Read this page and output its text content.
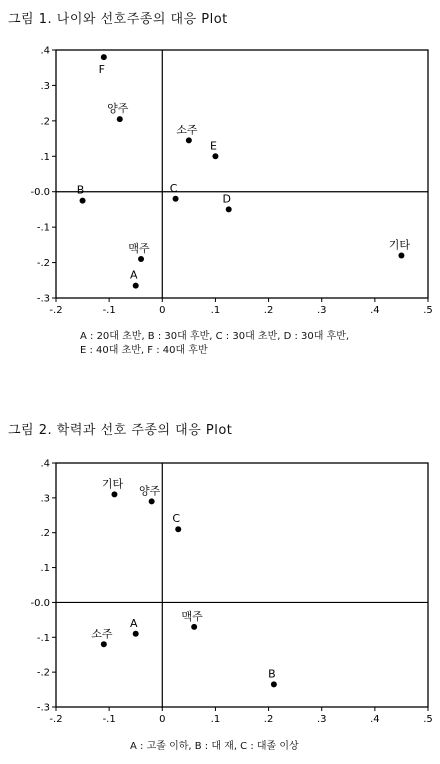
그림 1. 나이와 선호주종의 대응 Plot
.4
.3
.2
.1
-0.0
-.1
-.2
-.3
-.2	-.1	0	.1	.2	.3	.4	.5
F
양주
소주
E
B	C
D
맥주
A
기타
A : 20대 초반, B : 30대 후반, C : 30대 초반, D : 30대 후반,
E : 40대 초반, F : 40대 후반
그림 2. 학력과 선호 주종의 대응 Plot
.4
.3
.2
.1
-0.0
-.1
-.2
-.3
-.2	-.1	0	.1	.2	.3	.4	.5
기타
양주
C
A
맥주
소주
B
A : 고졸 이하, B : 대 재, C : 대졸 이상
